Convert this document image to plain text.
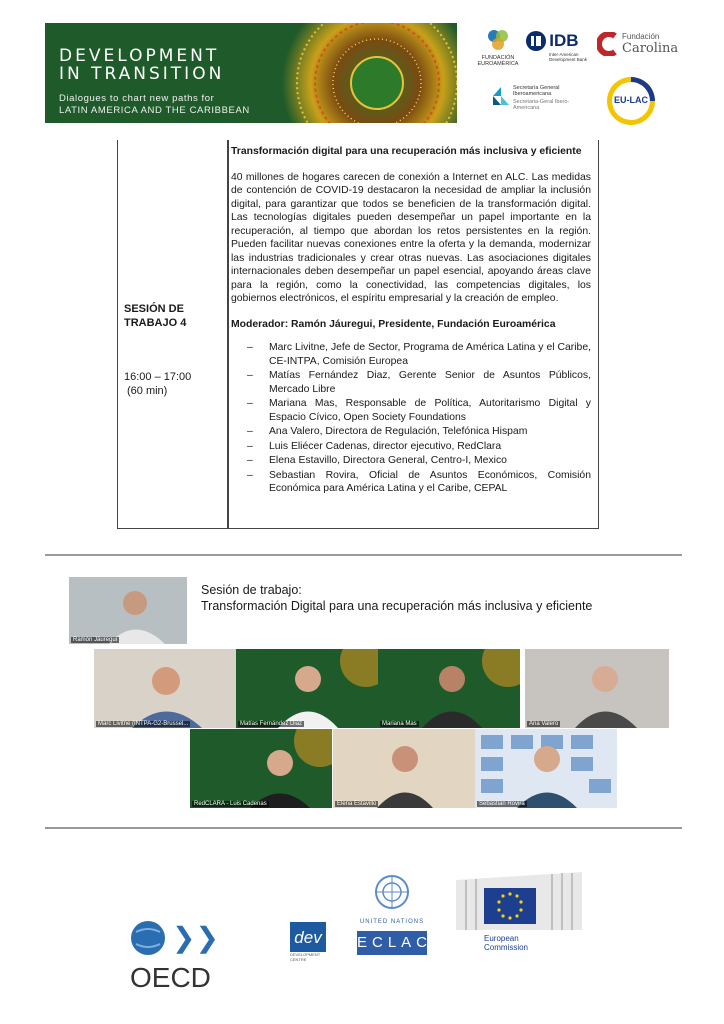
DEVELOPMENT
IN TRANSITION
Dialogues to chart new paths for
LATIN AMERICA AND THE CARIBBEAN
FUNDACIÓN EUROAMÉRICA
IDB
Inter-American Development Bank
Fundación
Carolina
Secretaría General Iberoamericana
Secretaria-Geral Ibero-Americana
EU-LAC
SESIÓN DE TRABAJO 4
16:00 – 17:00
(60 min)
Transformación digital para una recuperación más inclusiva y eficiente
40 millones de hogares carecen de conexión a Internet en ALC. Las medidas de contención de COVID-19 destacaron la necesidad de ampliar la inclusión digital, para garantizar que todos se beneficien de la transformación digital. Las tecnologías digitales pueden desempeñar un papel importante en la recuperación, al tiempo que abordan los retos persistentes en la región. Pueden facilitar nuevas conexiones entre la oferta y la demanda, modernizar las industrias tradicionales y crear otras nuevas. Las asociaciones digitales internacionales deben desempeñar un papel esencial, apoyando áreas clave para la región, como la conectividad, las competencias digitales, los gobiernos electrónicos, el espíritu empresarial y la creación de empleo.
Moderador: Ramón Jáuregui, Presidente, Fundación Euroamérica
– Marc Livitne, Jefe de Sector, Programa de América Latina y el Caribe, CE-INTPA, Comisión Europea
– Matías Fernández Diaz, Gerente Senior de Asuntos Públicos, Mercado Libre
– Mariana Mas, Responsable de Política, Autoritarismo Digital y Espacio Cívico, Open Society Foundations
– Ana Valero, Directora de Regulación, Telefónica Hispam
– Luis Eliécer Cadenas, director ejecutivo, RedClara
– Elena Estavillo, Directora General, Centro-I, Mexico
– Sebastian Rovira, Oficial de Asuntos Económicos, Comisión Económica para América Latina y el Caribe, CEPAL
Ramón Jáuregui
Sesión de trabajo:
Transformación Digital para una recuperación más inclusiva y eficiente
Marc Livitne (INTPA-G2-Brussel...	Matías Fernández Diaz	Mariana Mas	Ana Valero
RedCLARA - Luis Cadenas	Elena Estavillo	Sebastian Rovira
❯❯OECD
dev
DEVELOPMENT
CENTRE
UNITED NATIONS
ECLAC	European
Commission
